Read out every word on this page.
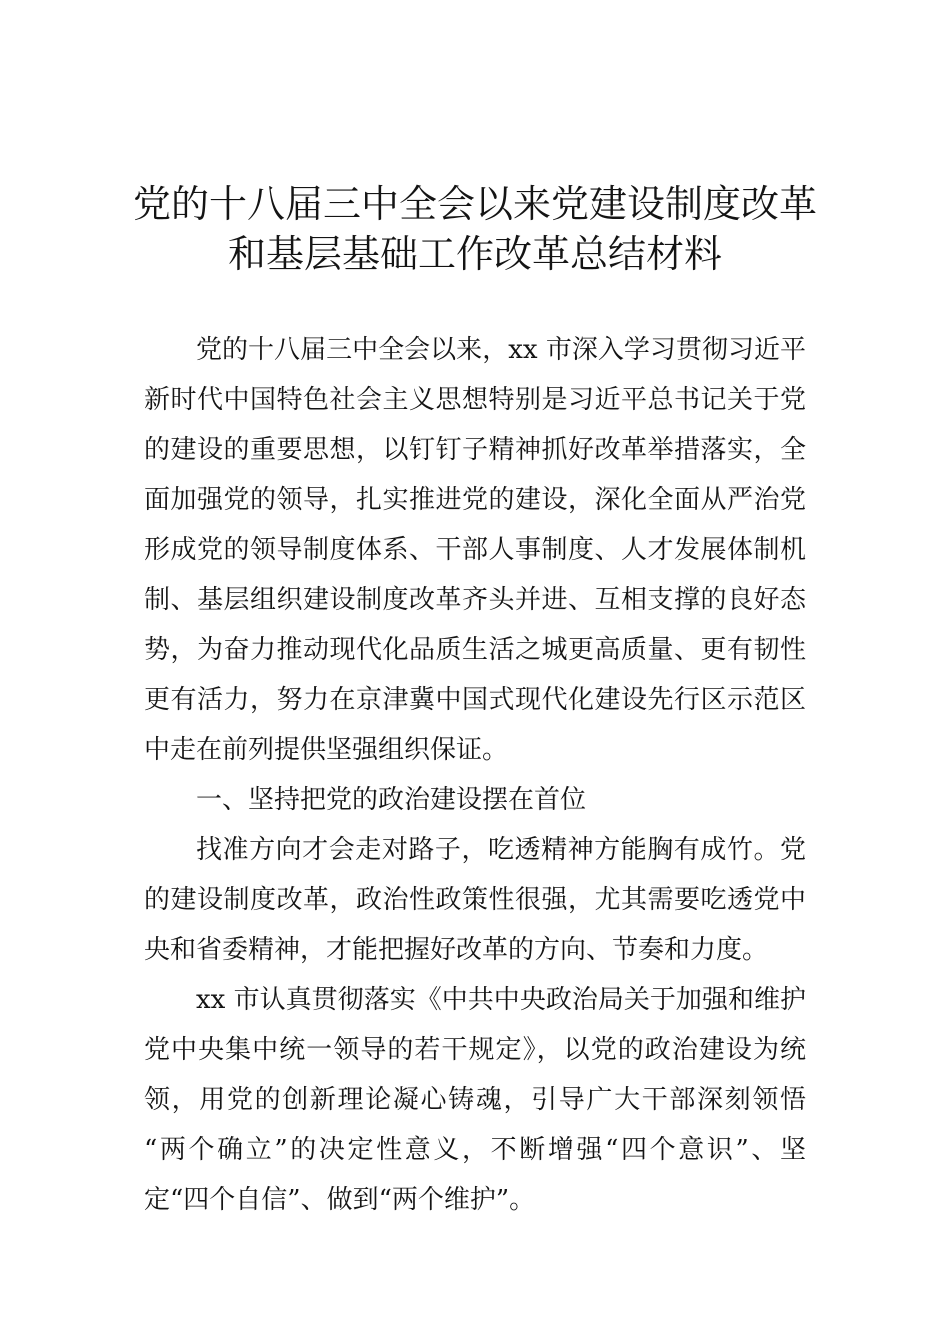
党的十八届三中全会以来党建设制度改革
和基层基础工作改革总结材料
党的十八届三中全会以来，xx 市深入学习贯彻习近平
新时代中国特色社会主义思想特别是习近平总书记关于党
的建设的重要思想，以钉钉子精神抓好改革举措落实，全
面加强党的领导，扎实推进党的建设，深化全面从严治党
形成党的领导制度体系、干部人事制度、人才发展体制机
制、基层组织建设制度改革齐头并进、互相支撑的良好态
势，为奋力推动现代化品质生活之城更高质量、更有韧性
更有活力，努力在京津冀中国式现代化建设先行区示范区
中走在前列提供坚强组织保证。
一、坚持把党的政治建设摆在首位
找准方向才会走对路子，吃透精神方能胸有成竹。党
的建设制度改革，政治性政策性很强，尤其需要吃透党中
央和省委精神，才能把握好改革的方向、节奏和力度。
xx 市认真贯彻落实《中共中央政治局关于加强和维护
党中央集中统一领导的若干规定》，以党的政治建设为统
领，用党的创新理论凝心铸魂，引导广大干部深刻领悟
“两个确立”的决定性意义，不断增强“四个意识”、坚
定“四个自信”、做到“两个维护”。
